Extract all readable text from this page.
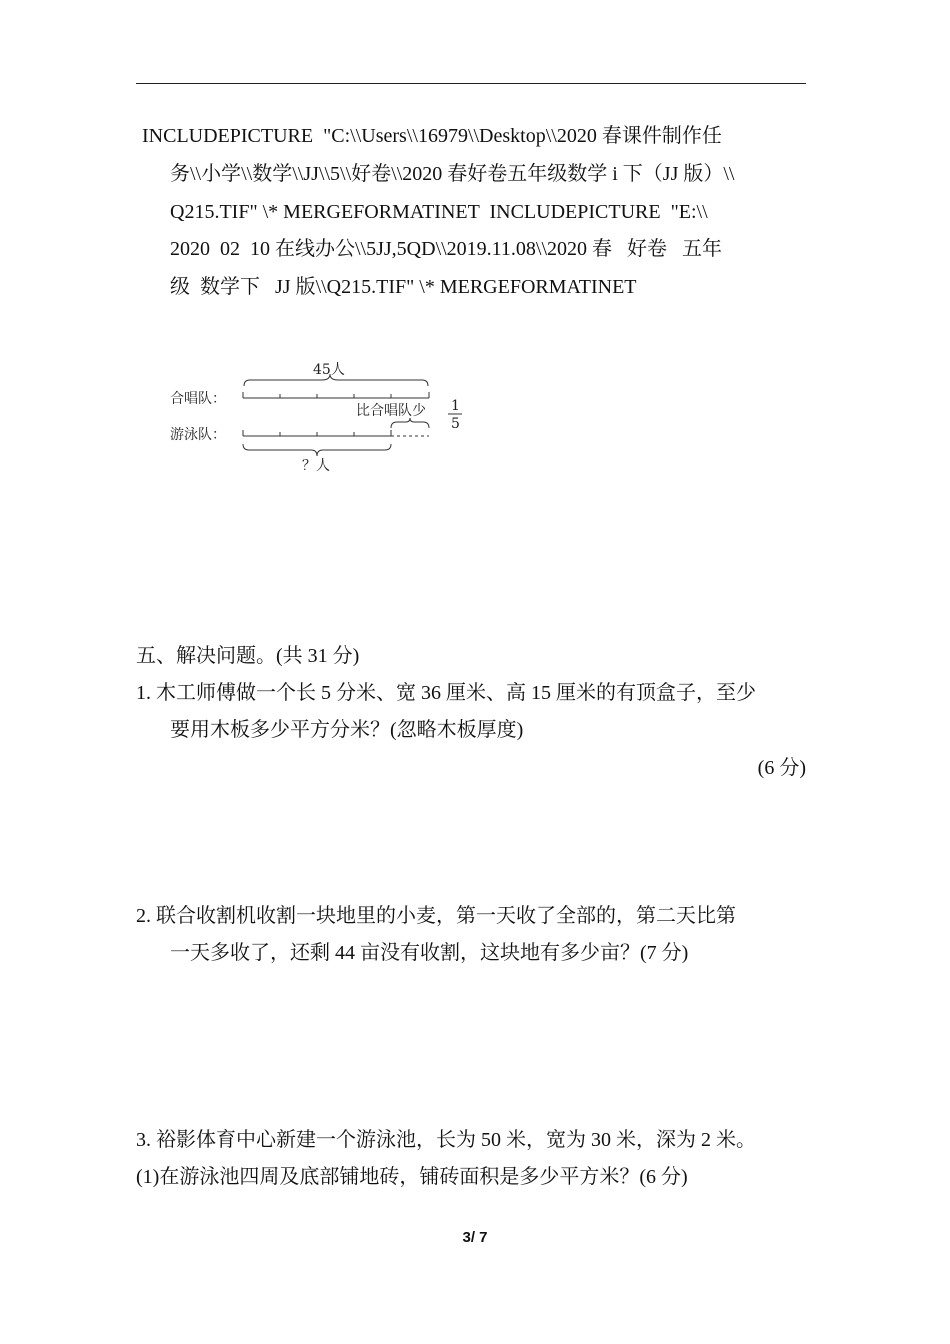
INCLUDEPICTURE  "C:\\Users\\16979\\Desktop\\2020 春课件制作任
务\\小学\\数学\\JJ\\5\\好卷\\2020 春好卷五年级数学 i 下（JJ 版）\\
Q215.TIF" \* MERGEFORMATINET  INCLUDEPICTURE  "E:\\
2020  02  10 在线办公\\5JJ,5QD\\2019.11.08\\2020 春   好卷   五年
级  数学下   JJ 版\\Q215.TIF" \* MERGEFORMATINET
45人
合唱队：
比合唱队少 1
5
游泳队：
？人
五、解决问题。(共 31 分)
1. 木工师傅做一个长 5 分米、宽 36 厘米、高 15 厘米的有顶盒子，至少
要用木板多少平方分米？(忽略木板厚度)
(6 分)
2. 联合收割机收割一块地里的小麦，第一天收了全部的，第二天比第
一天多收了，还剩 44 亩没有收割，这块地有多少亩？(7 分)
3. 裕影体育中心新建一个游泳池，长为 50 米，宽为 30 米，深为 2 米。
(1)在游泳池四周及底部铺地砖，铺砖面积是多少平方米？(6 分)
3/ 7
